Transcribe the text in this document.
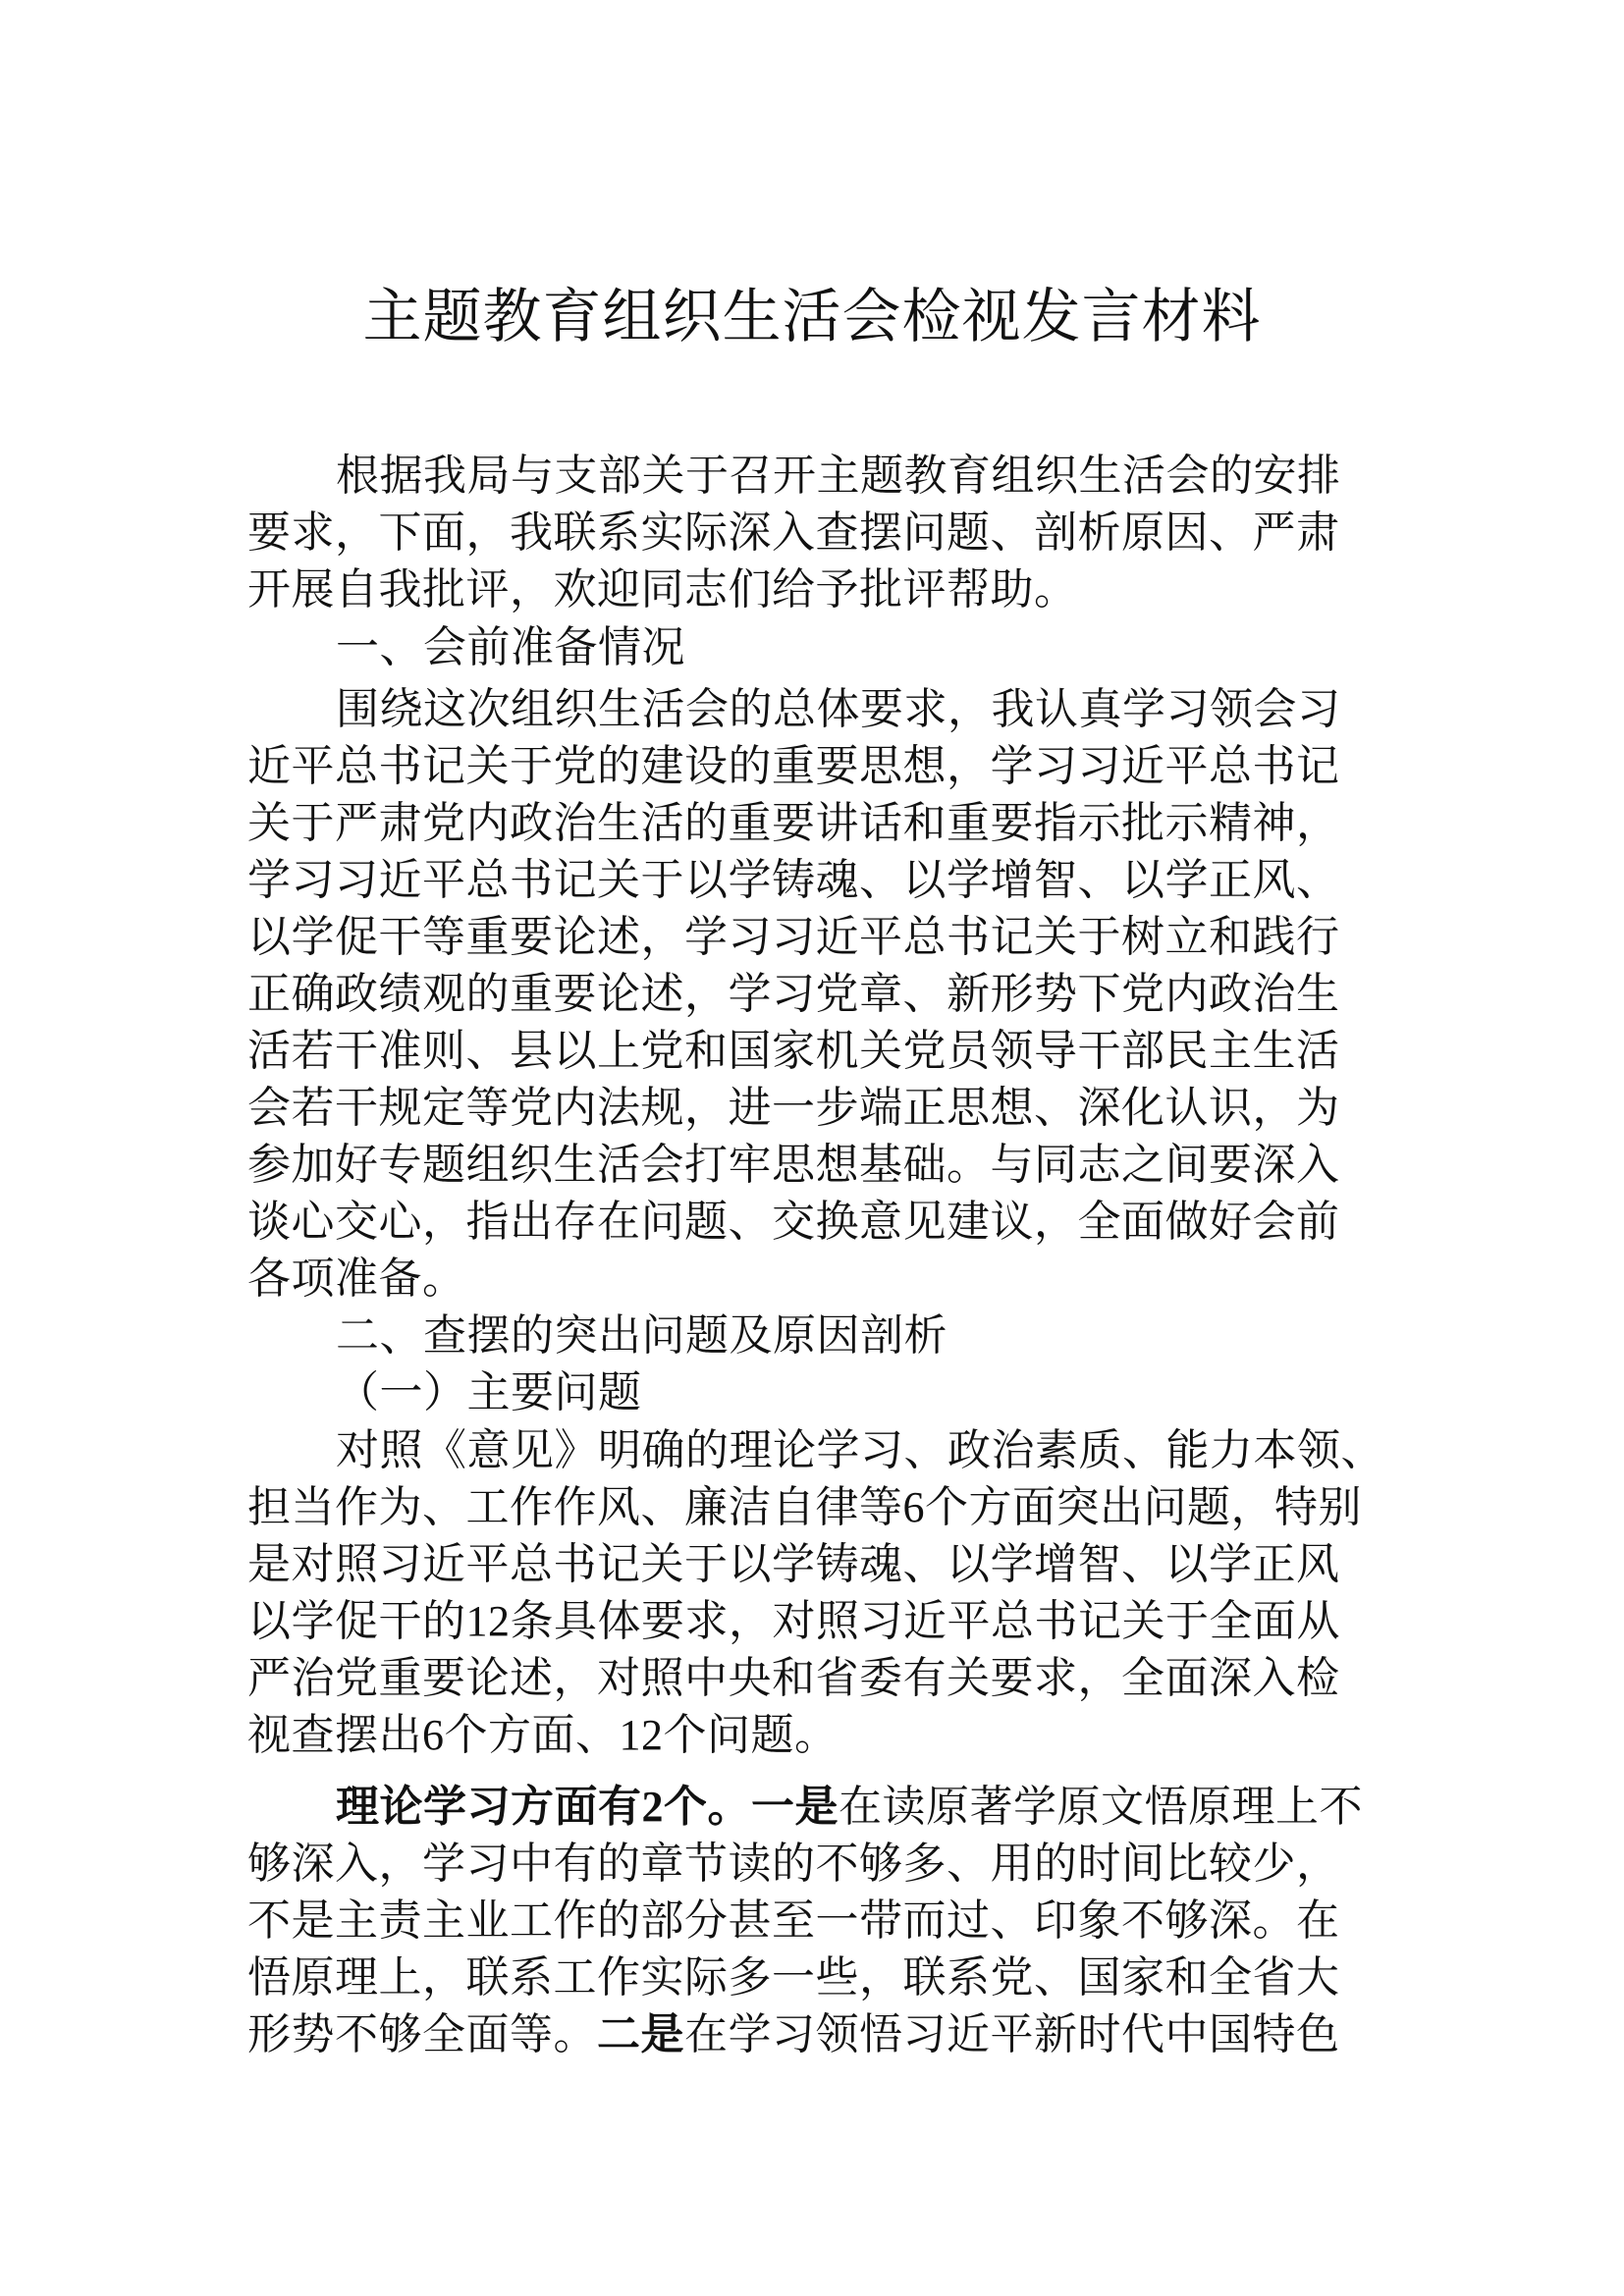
主题教育组织生活会检视发言材料
根据我局与支部关于召开主题教育组织生活会的安排
要求，下面，我联系实际深入查摆问题、剖析原因、严肃
开展自我批评，欢迎同志们给予批评帮助。
一、会前准备情况
围绕这次组织生活会的总体要求，我认真学习领会习
近平总书记关于党的建设的重要思想，学习习近平总书记
关于严肃党内政治生活的重要讲话和重要指示批示精神，
学习习近平总书记关于以学铸魂、以学增智、以学正风、
以学促干等重要论述，学习习近平总书记关于树立和践行
正确政绩观的重要论述，学习党章、新形势下党内政治生
活若干准则、县以上党和国家机关党员领导干部民主生活
会若干规定等党内法规，进一步端正思想、深化认识，为
参加好专题组织生活会打牢思想基础。与同志之间要深入
谈心交心，指出存在问题、交换意见建议，全面做好会前
各项准备。
二、查摆的突出问题及原因剖析
（一）主要问题
对照《意见》明确的理论学习、政治素质、能力本领、
担当作为、工作作风、廉洁自律等6个方面突出问题，特别
是对照习近平总书记关于以学铸魂、以学增智、以学正风
以学促干的12条具体要求，对照习近平总书记关于全面从
严治党重要论述，对照中央和省委有关要求，全面深入检
视查摆出6个方面、12个问题。
理论学习方面有2个。一是在读原著学原文悟原理上不
够深入，学习中有的章节读的不够多、用的时间比较少，
不是主责主业工作的部分甚至一带而过、印象不够深。在
悟原理上，联系工作实际多一些，联系党、国家和全省大
形势不够全面等。二是在学习领悟习近平新时代中国特色
